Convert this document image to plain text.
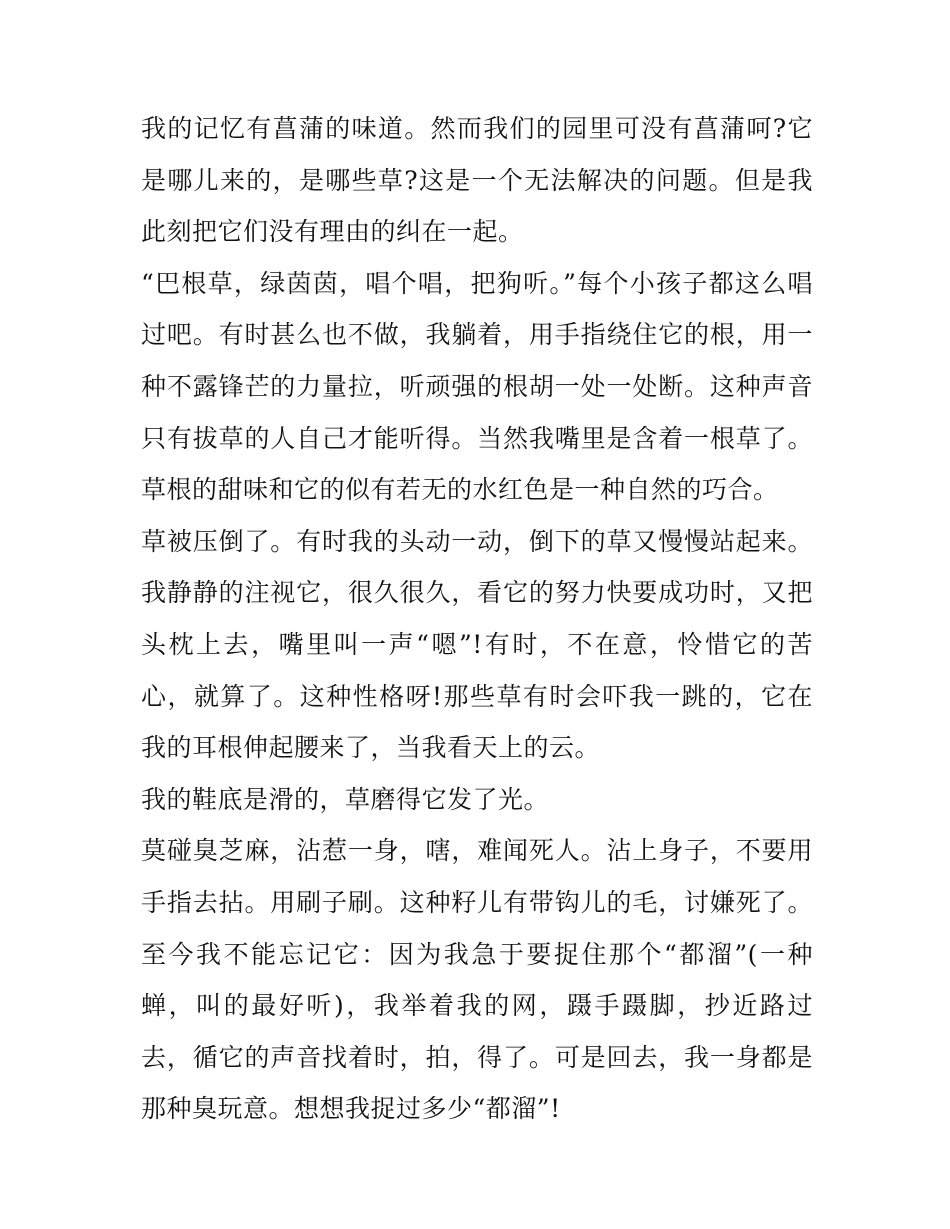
我的记忆有菖蒲的味道。然而我们的园里可没有菖蒲呵?它是哪儿来的，是哪些草?这是一个无法解决的问题。但是我此刻把它们没有理由的纠在一起。

“巴根草，绿茵茵，唱个唱，把狗听。”每个小孩子都这么唱过吧。有时甚么也不做，我躺着，用手指绕住它的根，用一种不露锋芒的力量拉，听顽强的根胡一处一处断。这种声音只有拔草的人自己才能听得。当然我嘴里是含着一根草了。草根的甜味和它的似有若无的水红色是一种自然的巧合。

草被压倒了。有时我的头动一动，倒下的草又慢慢站起来。我静静的注视它，很久很久，看它的努力快要成功时，又把头枕上去，嘴里叫一声“嗯”!有时，不在意，怜惜它的苦心，就算了。这种性格呀!那些草有时会吓我一跳的，它在我的耳根伸起腰来了，当我看天上的云。

我的鞋底是滑的，草磨得它发了光。

莫碰臭芝麻，沾惹一身，嗐，难闻死人。沾上身子，不要用手指去拈。用刷子刷。这种籽儿有带钩儿的毛，讨嫌死了。至今我不能忘记它：因为我急于要捉住那个“都溜”(一种蝉，叫的最好听)，我举着我的网，蹑手蹑脚，抄近路过去，循它的声音找着时，拍，得了。可是回去，我一身都是那种臭玩意。想想我捉过多少“都溜”!
